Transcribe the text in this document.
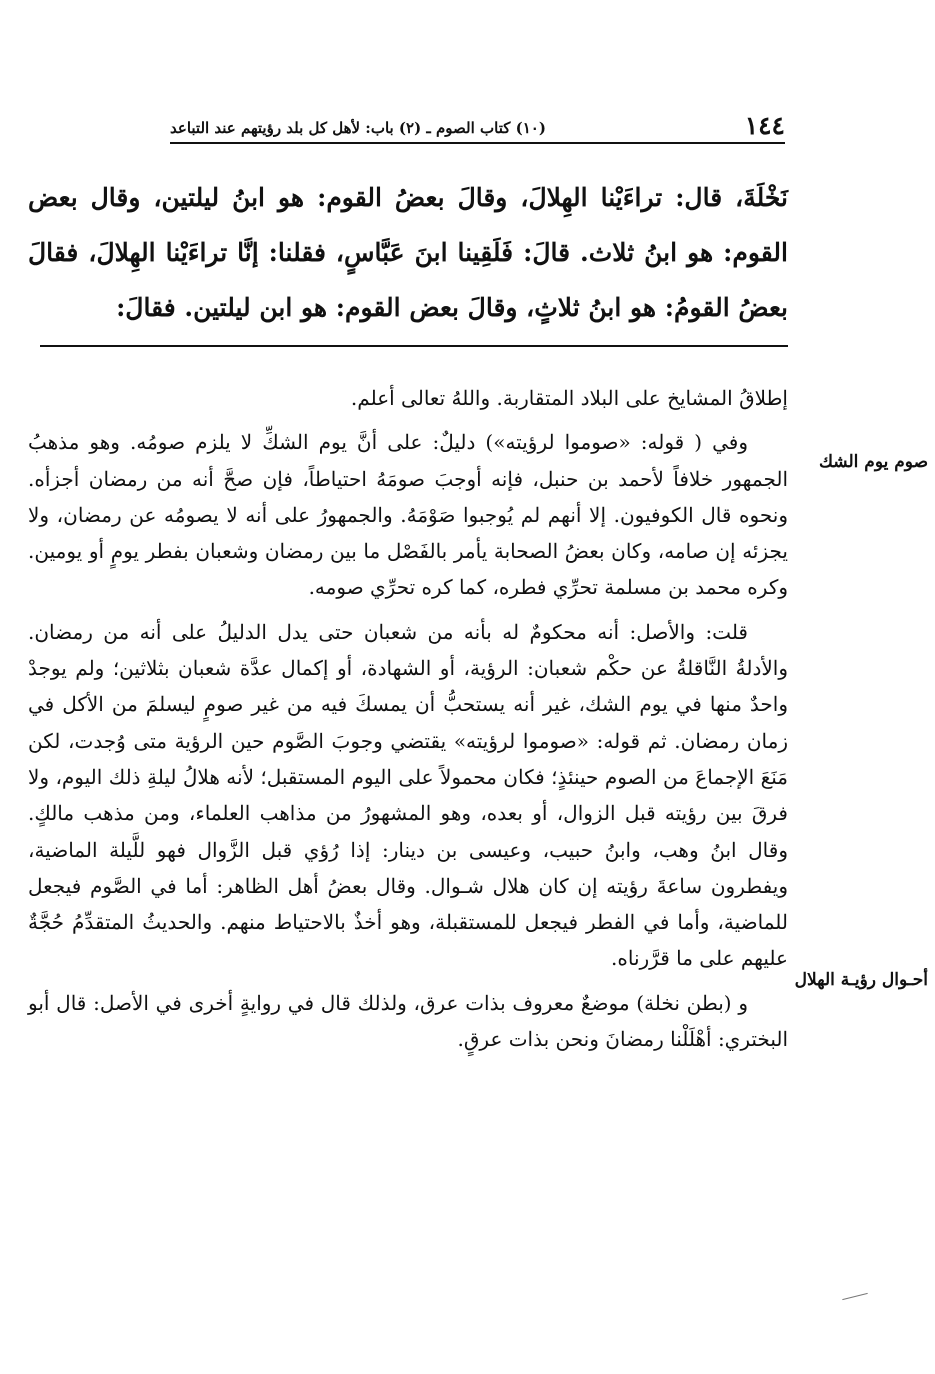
١٤٤
(١٠) كتاب الصوم ـ (٢) باب: لأهل كل بلد رؤيتهم عند التباعد

نَخْلَةَ، قال: تراءَيْنا الهِلالَ، وقالَ بعضُ القوم: هو ابنُ ليلتين، وقال بعض القوم: هو ابنُ ثلاث. قالَ: فَلَقِينا ابنَ عَبَّاسٍ، فقلنا: إنَّا تراءَيْنا الهِلالَ، فقالَ بعضُ القومُ: هو ابنُ ثلاثٍ، وقالَ بعض القوم: هو ابن ليلتين. فقالَ:

إطلاقُ المشايخ على البلاد المتقاربة. واللهُ تعالى أعلم.

وفي ( قوله: «صوموا لرؤيته») دليلٌ: على أنَّ يوم الشكِّ لا يلزم صومُه. وهو مذهبُ الجمهور خلافاً لأحمد بن حنبل، فإنه أوجبَ صومَهُ احتياطاً، فإن صحَّ أنه من رمضان أجزأه. ونحوه قال الكوفيون. إلا أنهم لم يُوجبوا صَوْمَهُ. والجمهورُ على أنه لا يصومُه عن رمضان، ولا يجزئه إن صامه، وكان بعضُ الصحابة يأمر بالفَصْل ما بين رمضان وشعبان بفطر يومٍ أو يومين. وكره محمد بن مسلمة تحرِّي فطره، كما كره تحرِّي صومه.

قلت: والأصل: أنه محكومٌ له بأنه من شعبان حتى يدل الدليلُ على أنه من رمضان. والأدلةُ النَّاقلةُ عن حكْم شعبان: الرؤية، أو الشهادة، أو إكمال عدَّة شعبان بثلاثين؛ ولم يوجدْ واحدٌ منها في يوم الشك، غير أنه يستحبُّ أن يمسكَ فيه من غير صومٍ ليسلمَ من الأكل في زمان رمضان. ثم قوله: «صوموا لرؤيته» يقتضي وجوبَ الصَّوم حين الرؤية متى وُجدت، لكن مَنَعَ الإجماعَ من الصوم حينئذٍ؛ فكان محمولاً على اليوم المستقبل؛ لأنه هلالُ ليلةِ ذلك اليوم، ولا فرقَ بين رؤيته قبل الزوال، أو بعده، وهو المشهورُ من مذاهب العلماء، ومن مذهب مالكٍ. وقال ابنُ وهب، وابنُ حبيب، وعيسى بن دينار: إذا رُؤي قبل الزَّوال فهو للَّيلة الماضية، ويفطرون ساعةَ رؤيته إن كان هلال شـوال. وقال بعضُ أهل الظاهر: أما في الصَّوم فيجعل للماضية، وأما في الفطر فيجعل للمستقبلة، وهو أخذٌ بالاحتياط منهم. والحديثُ المتقدِّمُ حُجَّةٌ عليهم على ما قرَّرناه.

و (بطن نخلة) موضعٌ معروف بذات عرق، ولذلك قال في روايةٍ أخرى في الأصل: قال أبو البختري: أهْلَلْنا رمضانَ ونحن بذات عرقٍ.

صوم يوم الشك
أحـوال رؤيـة الهلال
